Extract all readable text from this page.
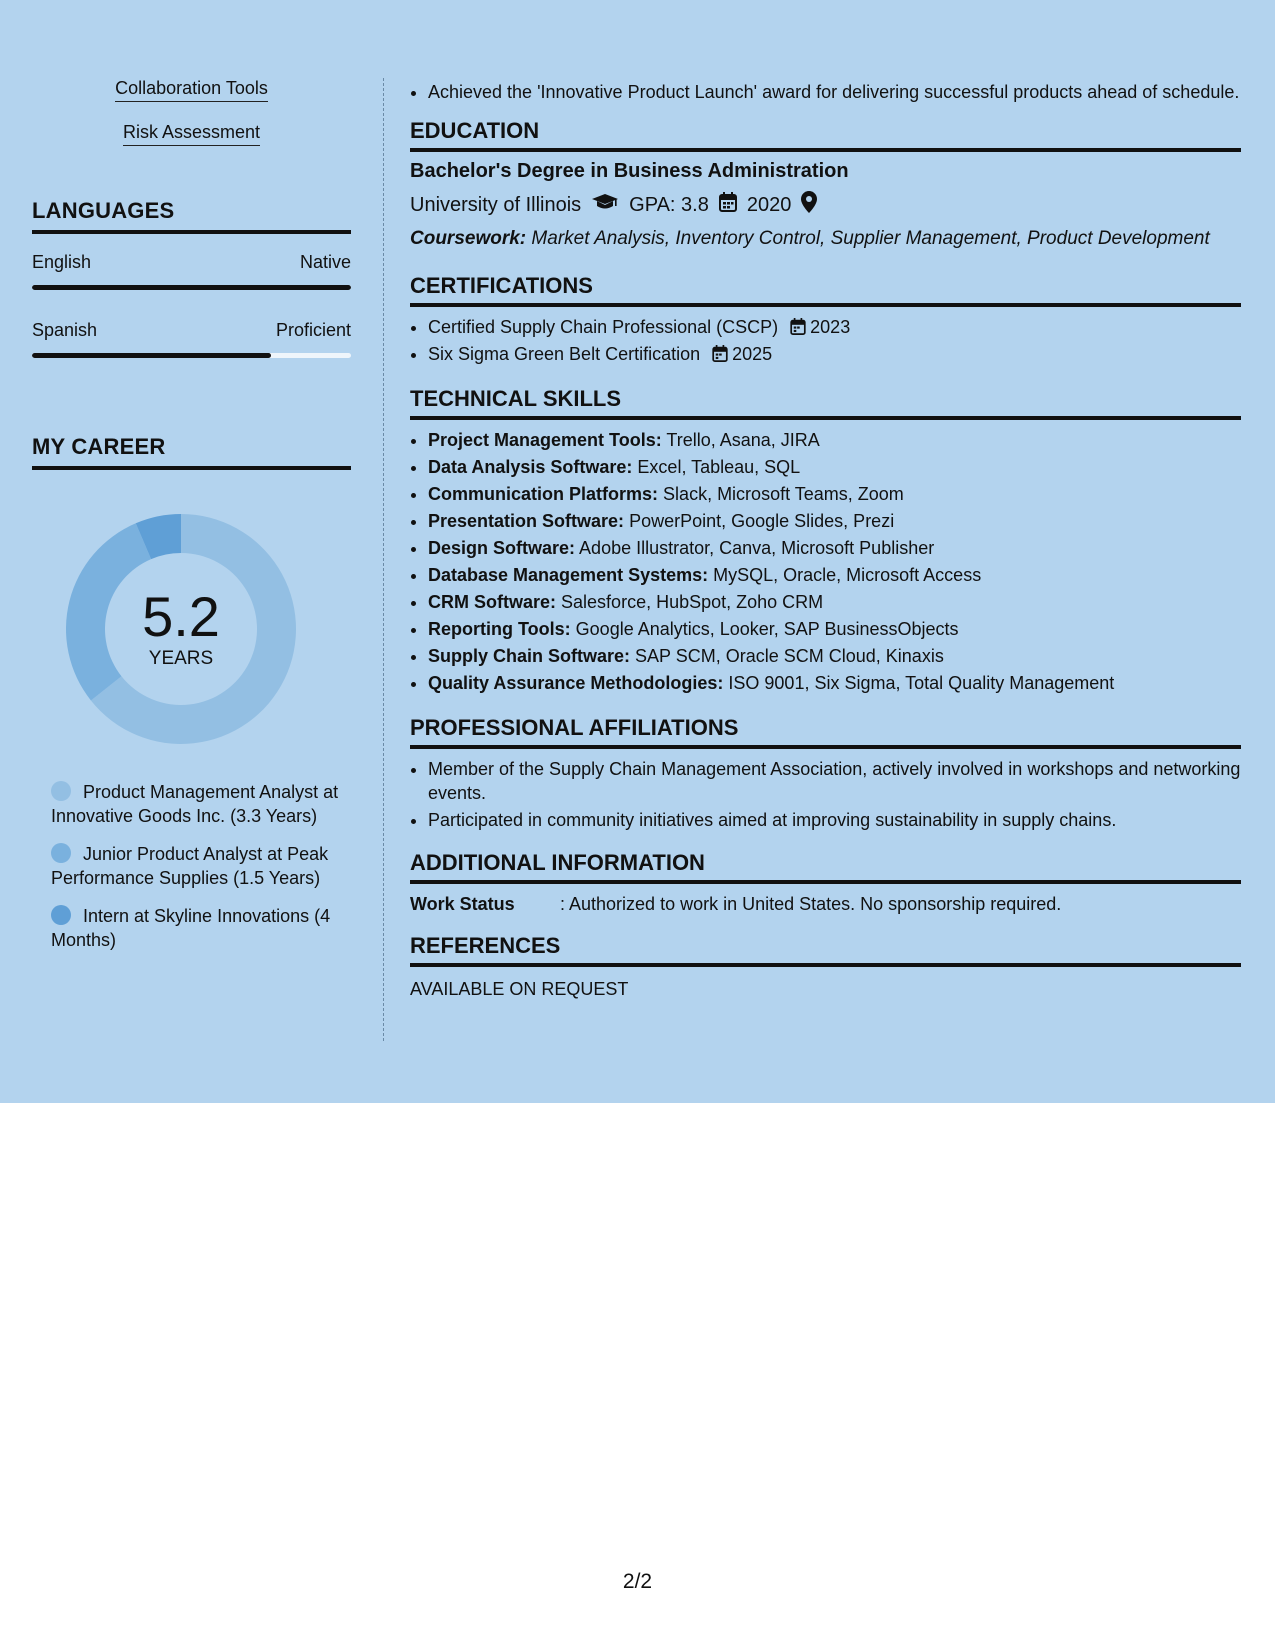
Collaboration Tools
Risk Assessment
LANGUAGES
English	Native
Spanish	Proficient
MY CAREER
5.2
YEARS
Product Management Analyst at Innovative Goods Inc. (3.3 Years)
Junior Product Analyst at Peak Performance Supplies (1.5 Years)
Intern at Skyline Innovations (4 Months)
• Achieved the 'Innovative Product Launch' award for delivering successful products ahead of schedule.
EDUCATION
Bachelor's Degree in Business Administration
University of Illinois GPA: 3.8 2020
Coursework: Market Analysis, Inventory Control, Supplier Management, Product Development
CERTIFICATIONS
• Certified Supply Chain Professional (CSCP) 2023
• Six Sigma Green Belt Certification 2025
TECHNICAL SKILLS
• Project Management Tools: Trello, Asana, JIRA
• Data Analysis Software: Excel, Tableau, SQL
• Communication Platforms: Slack, Microsoft Teams, Zoom
• Presentation Software: PowerPoint, Google Slides, Prezi
• Design Software: Adobe Illustrator, Canva, Microsoft Publisher
• Database Management Systems: MySQL, Oracle, Microsoft Access
• CRM Software: Salesforce, HubSpot, Zoho CRM
• Reporting Tools: Google Analytics, Looker, SAP BusinessObjects
• Supply Chain Software: SAP SCM, Oracle SCM Cloud, Kinaxis
• Quality Assurance Methodologies: ISO 9001, Six Sigma, Total Quality Management
PROFESSIONAL AFFILIATIONS
• Member of the Supply Chain Management Association, actively involved in workshops and networking events.
• Participated in community initiatives aimed at improving sustainability in supply chains.
ADDITIONAL INFORMATION
Work Status	: Authorized to work in United States. No sponsorship required.
REFERENCES
AVAILABLE ON REQUEST
2/2
